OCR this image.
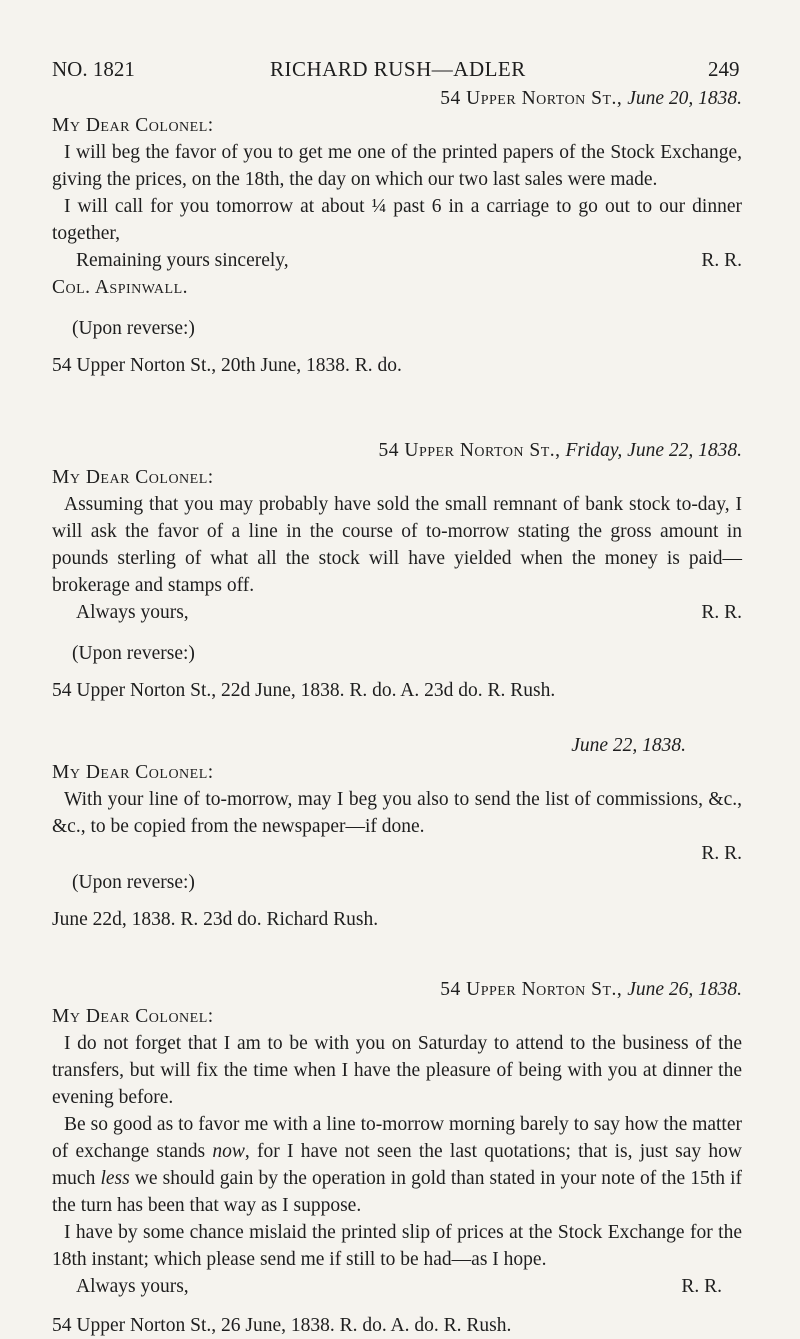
NO. 1821	RICHARD RUSH—ADLER	249

54 Upper Norton St., June 20, 1838.

My Dear Colonel:

I will beg the favor of you to get me one of the printed papers of the Stock Exchange, giving the prices, on the 18th, the day on which our two last sales were made.

I will call for you tomorrow at about ¼ past 6 in a carriage to go out to our dinner together,

Remaining yours sincerely,	R. R.

Col. Aspinwall.

(Upon reverse:)

54 Upper Norton St., 20th June, 1838. R. do.

54 Upper Norton St., Friday, June 22, 1838.

My Dear Colonel:

Assuming that you may probably have sold the small remnant of bank stock to-day, I will ask the favor of a line in the course of to-morrow stating the gross amount in pounds sterling of what all the stock will have yielded when the money is paid—brokerage and stamps off.

Always yours,	R. R.

(Upon reverse:)

54 Upper Norton St., 22d June, 1838. R. do. A. 23d do. R. Rush.

June 22, 1838.

My Dear Colonel:

With your line of to-morrow, may I beg you also to send the list of commissions, &c., &c., to be copied from the newspaper—if done.

R. R.

(Upon reverse:)

June 22d, 1838. R. 23d do. Richard Rush.

54 Upper Norton St., June 26, 1838.

My Dear Colonel:

I do not forget that I am to be with you on Saturday to attend to the business of the transfers, but will fix the time when I have the pleasure of being with you at dinner the evening before.

Be so good as to favor me with a line to-morrow morning barely to say how the matter of exchange stands now, for I have not seen the last quotations; that is, just say how much less we should gain by the operation in gold than stated in your note of the 15th if the turn has been that way as I suppose.

I have by some chance mislaid the printed slip of prices at the Stock Exchange for the 18th instant; which please send me if still to be had—as I hope.

Always yours,	R. R.

54 Upper Norton St., 26 June, 1838. R. do. A. do. R. Rush.
